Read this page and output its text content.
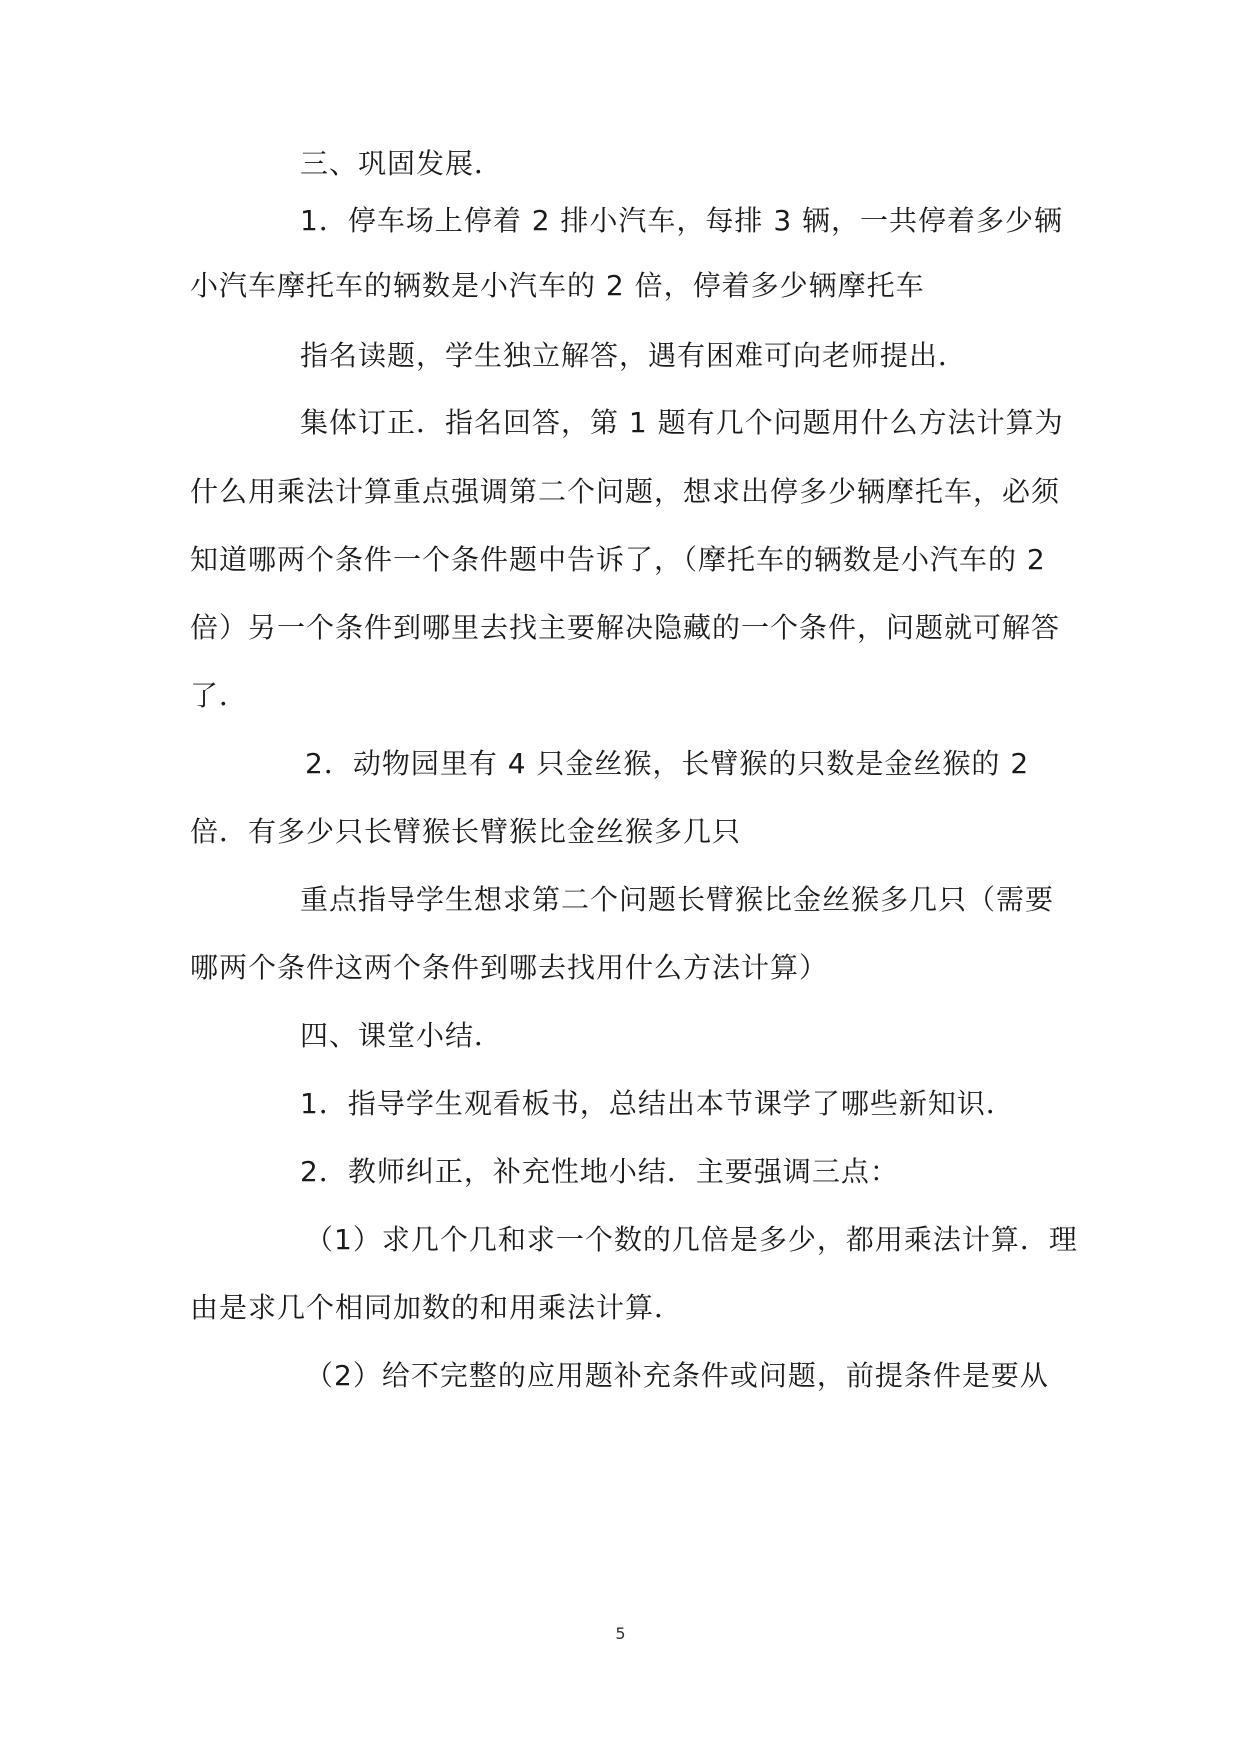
三、巩固发展．
1．停车场上停着 2 排小汽车，每排 3 辆，一共停着多少辆
小汽车摩托车的辆数是小汽车的 2 倍，停着多少辆摩托车
指名读题，学生独立解答，遇有困难可向老师提出．
集体订正．指名回答，第 1 题有几个问题用什么方法计算为
什么用乘法计算重点强调第二个问题，想求出停多少辆摩托车，必须
知道哪两个条件一个条件题中告诉了，（摩托车的辆数是小汽车的 2
倍）另一个条件到哪里去找主要解决隐藏的一个条件，问题就可解答
了．
2．动物园里有 4 只金丝猴，长臂猴的只数是金丝猴的 2
倍．有多少只长臂猴长臂猴比金丝猴多几只
重点指导学生想求第二个问题长臂猴比金丝猴多几只（需要
哪两个条件这两个条件到哪去找用什么方法计算）
四、课堂小结．
1．指导学生观看板书，总结出本节课学了哪些新知识．
2．教师纠正，补充性地小结．主要强调三点：
（1）求几个几和求一个数的几倍是多少，都用乘法计算．理
由是求几个相同加数的和用乘法计算．
（2）给不完整的应用题补充条件或问题，前提条件是要从
5
